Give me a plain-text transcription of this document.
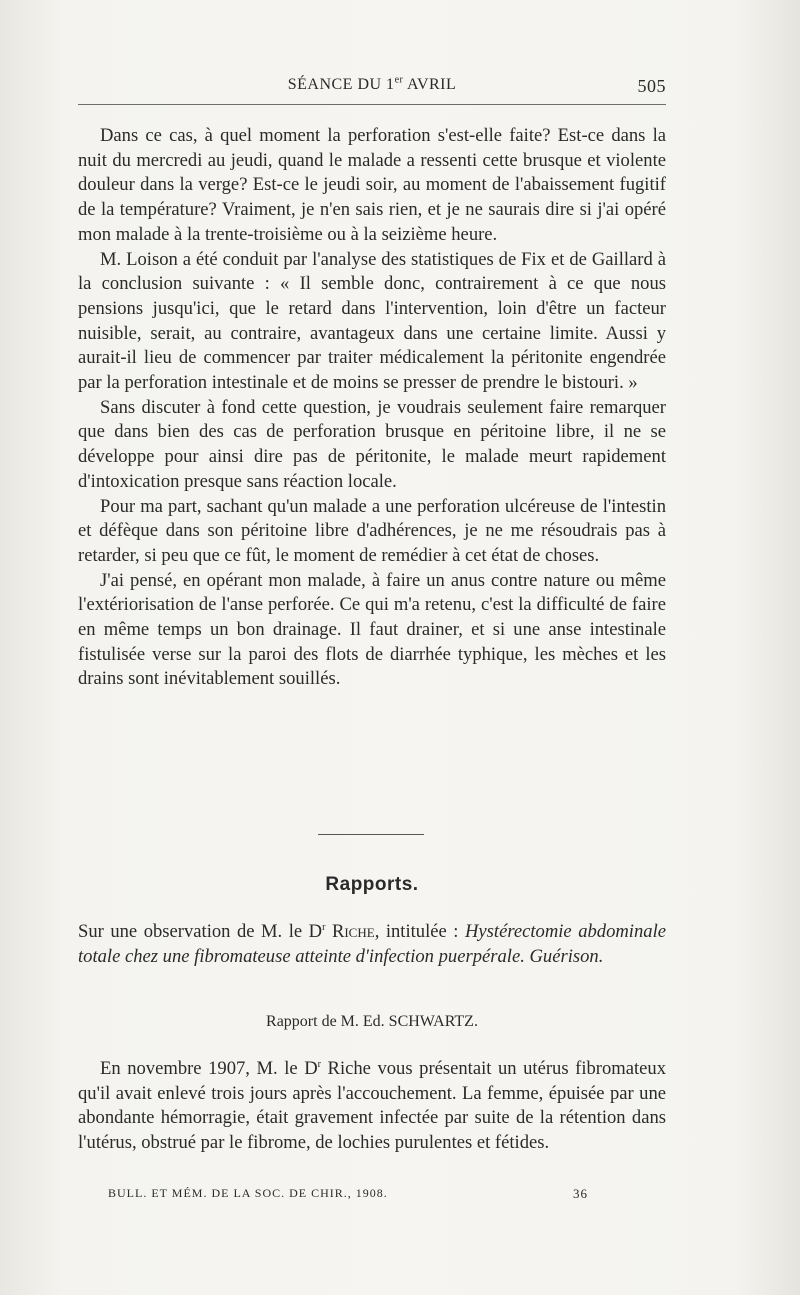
SÉANCE DU 1er AVRIL	505

Dans ce cas, à quel moment la perforation s'est-elle faite? Est-ce dans la nuit du mercredi au jeudi, quand le malade a ressenti cette brusque et violente douleur dans la verge? Est-ce le jeudi soir, au moment de l'abaissement fugitif de la température? Vraiment, je n'en sais rien, et je ne saurais dire si j'ai opéré mon malade à la trente-troisième ou à la seizième heure.

M. Loison a été conduit par l'analyse des statistiques de Fix et de Gaillard à la conclusion suivante : « Il semble donc, contrairement à ce que nous pensions jusqu'ici, que le retard dans l'intervention, loin d'être un facteur nuisible, serait, au contraire, avantageux dans une certaine limite. Aussi y aurait-il lieu de commencer par traiter médicalement la péritonite engendrée par la perforation intestinale et de moins se presser de prendre le bistouri. »

Sans discuter à fond cette question, je voudrais seulement faire remarquer que dans bien des cas de perforation brusque en péritoine libre, il ne se développe pour ainsi dire pas de péritonite, le malade meurt rapidement d'intoxication presque sans réaction locale.

Pour ma part, sachant qu'un malade a une perforation ulcéreuse de l'intestin et défèque dans son péritoine libre d'adhérences, je ne me résoudrais pas à retarder, si peu que ce fût, le moment de remédier à cet état de choses.

J'ai pensé, en opérant mon malade, à faire un anus contre nature ou même l'extériorisation de l'anse perforée. Ce qui m'a retenu, c'est la difficulté de faire en même temps un bon drainage. Il faut drainer, et si une anse intestinale fistulisée verse sur la paroi des flots de diarrhée typhique, les mèches et les drains sont inévitablement souillés.

Rapports.
Sur une observation de M. le $D^r$ Riche, intitulée : Hystérectomie abdominale totale chez une fibromateuse atteinte d'infection puerpérale. Guérison.
Rapport de M. Ed. SCHWARTZ.

En novembre 1907, M. le $D^r$ Riche vous présentait un utérus fibromateux qu'il avait enlevé trois jours après l'accouchement. La femme, épuisée par une abondante hémorragie, était gravement infectée par suite de la rétention dans l'utérus, obstrué par le fibrome, de lochies purulentes et fétides.

BULL. ET MÉM. DE LA SOC. DE CHIR., 1908.	36
